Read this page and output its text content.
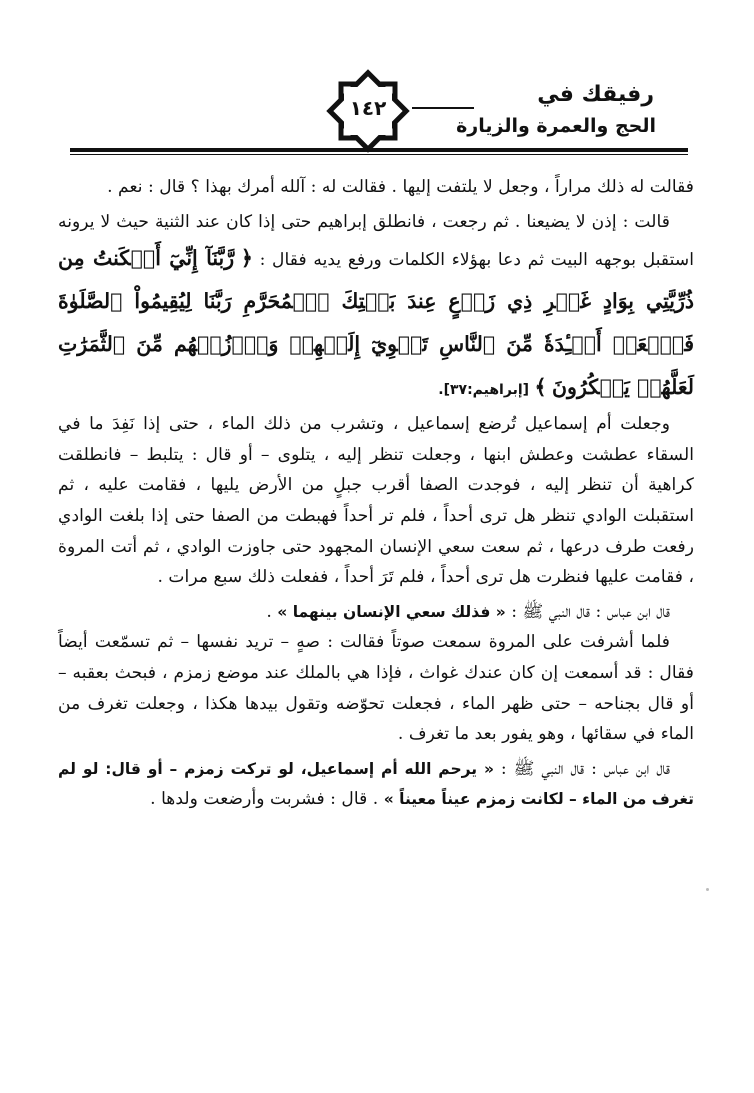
رفيقك في
الحج والعمرة والزيارة
١٤٢

فقالت له ذلك مراراً ، وجعل لا يلتفت إليها . فقالت له : آلله أمرك بهذا ؟ قال : نعم .

قالت : إذن لا يضيعنا . ثم رجعت ، فانطلق إبراهيم حتى إذا كان عند الثنية حيث لا يرونه استقبل بوجهه البيت ثم دعا بهؤلاء الكلمات ورفع يديه فقال : ﴿ رَّبَّنَآ إِنِّيٓ أَسۡكَنتُ مِن ذُرِّيَّتِي بِوَادٍ غَيۡرِ ذِي زَرۡعٍ عِندَ بَيۡتِكَ ٱلۡمُحَرَّمِ رَبَّنَا لِيُقِيمُواْ ٱلصَّلَوٰةَ فَٱجۡعَلۡ أَفۡـِٔدَةٗ مِّنَ ٱلنَّاسِ تَهۡوِيٓ إِلَيۡهِمۡ وَٱرۡزُقۡهُم مِّنَ ٱلثَّمَرَٰتِ لَعَلَّهُمۡ يَشۡكُرُونَ ﴾ [إبراهيم:٣٧].

وجعلت أم إسماعيل تُرضع إسماعيل ، وتشرب من ذلك الماء ، حتى إذا نَفِدَ ما في السقاء عطشت وعطش ابنها ، وجعلت تنظر إليه ، يتلوى – أو قال : يتلبط – فانطلقت كراهية أن تنظر إليه ، فوجدت الصفا أقرب جبلٍ من الأرض يليها ، فقامت عليه ، ثم استقبلت الوادي تنظر هل ترى أحداً ، فلم تر أحداً فهبطت من الصفا حتى إذا بلغت الوادي رفعت طرف درعها ، ثم سعت سعي الإنسان المجهود حتى جاوزت الوادي ، ثم أتت المروة ، فقامت عليها فنظرت هل ترى أحداً ، فلم تَرَ أحداً ، ففعلت ذلك سبع مرات .

قال ابن عباس : قال النبي ﷺ : « فذلك سعي الإنسان بينهما » .

فلما أشرفت على المروة سمعت صوتاً فقالت : صهٍ – تريد نفسها – ثم تسمّعت أيضاً فقال : قد أسمعت إن كان عندك غواث ، فإذا هي بالملك عند موضع زمزم ، فبحث بعقبه – أو قال بجناحه – حتى ظهر الماء ، فجعلت تحوّضه وتقول بيدها هكذا ، وجعلت تغرف من الماء في سقائها ، وهو يفور بعد ما تغرف .

قال ابن عباس : قال النبي ﷺ : « يرحم الله أم إسماعيل، لو تركت زمزم – أو قال: لو لم تغرف من الماء – لكانت زمزم عيناً معيناً » . قال : فشربت وأرضعت ولدها .
